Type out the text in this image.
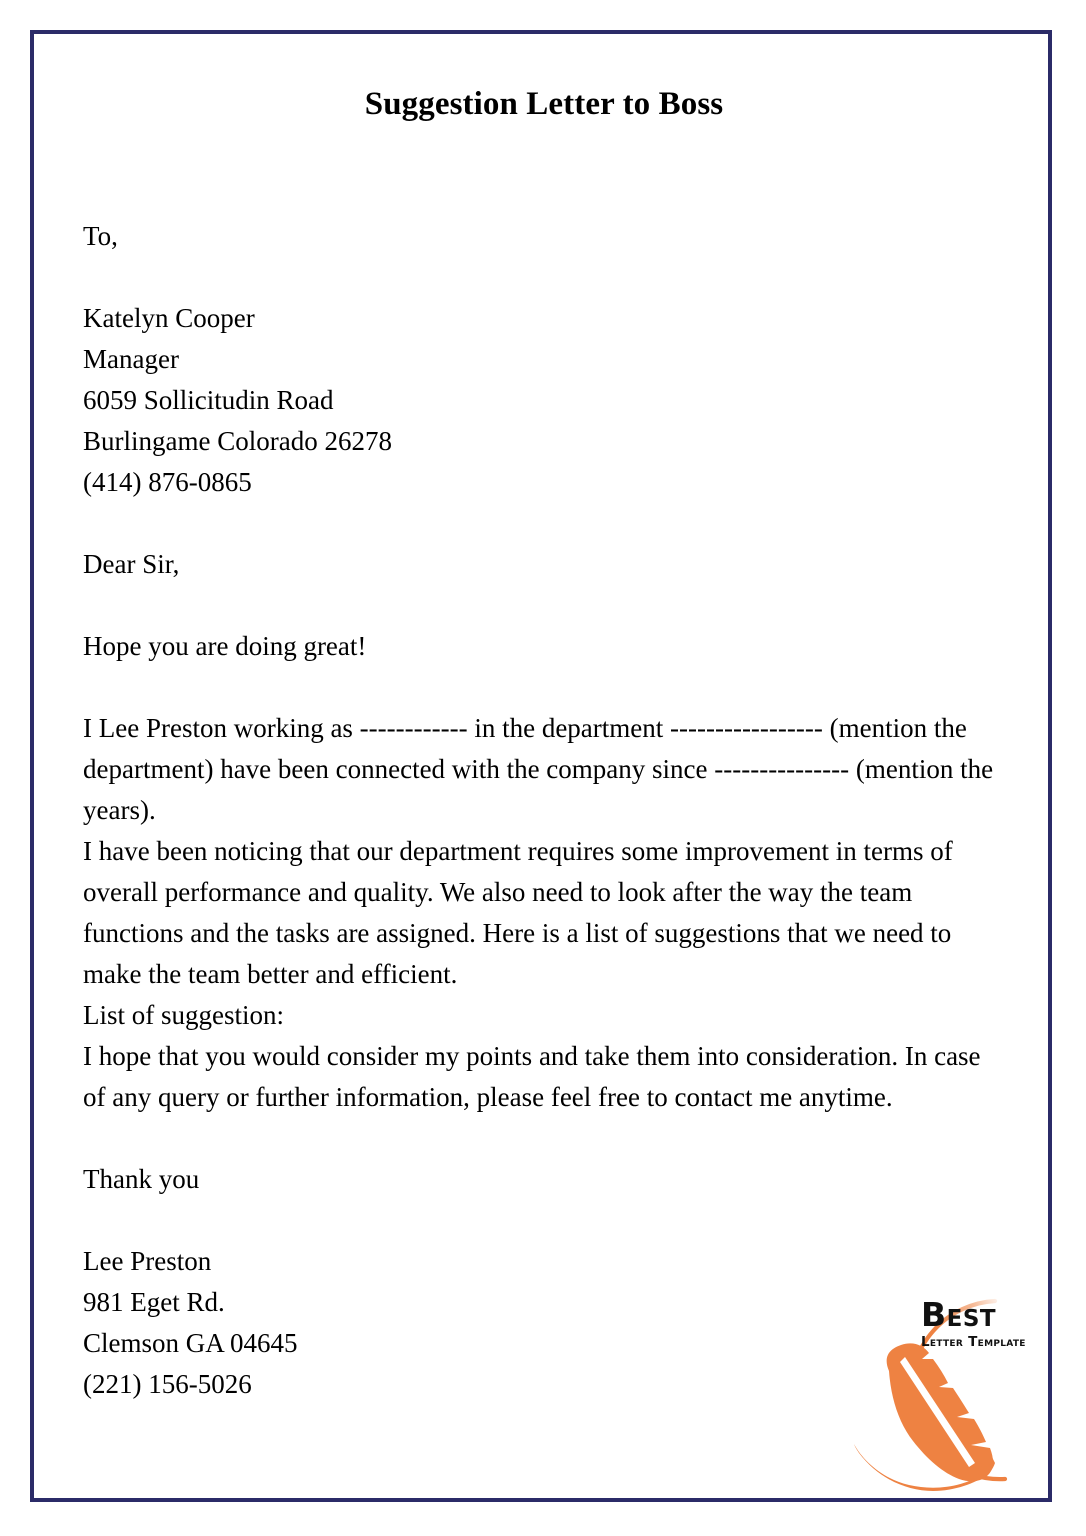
Suggestion Letter to Boss

To,

Katelyn Cooper

Manager

6059 Sollicitudin Road

Burlingame Colorado 26278

(414) 876-0865

Dear Sir,

Hope you are doing great!

I Lee Preston working as ------------ in the department ----------------- (mention the department) have been connected with the company since --------------- (mention the years).

I have been noticing that our department requires some improvement in terms of overall performance and quality. We also need to look after the way the team functions and the tasks are assigned. Here is a list of suggestions that we need to make the team better and efficient.

List of suggestion:

I hope that you would consider my points and take them into consideration. In case of any query or further information, please feel free to contact me anytime.

Thank you

Lee Preston

981 Eget Rd.

Clemson GA 04645

(221) 156-5026

Best
Letter Template
